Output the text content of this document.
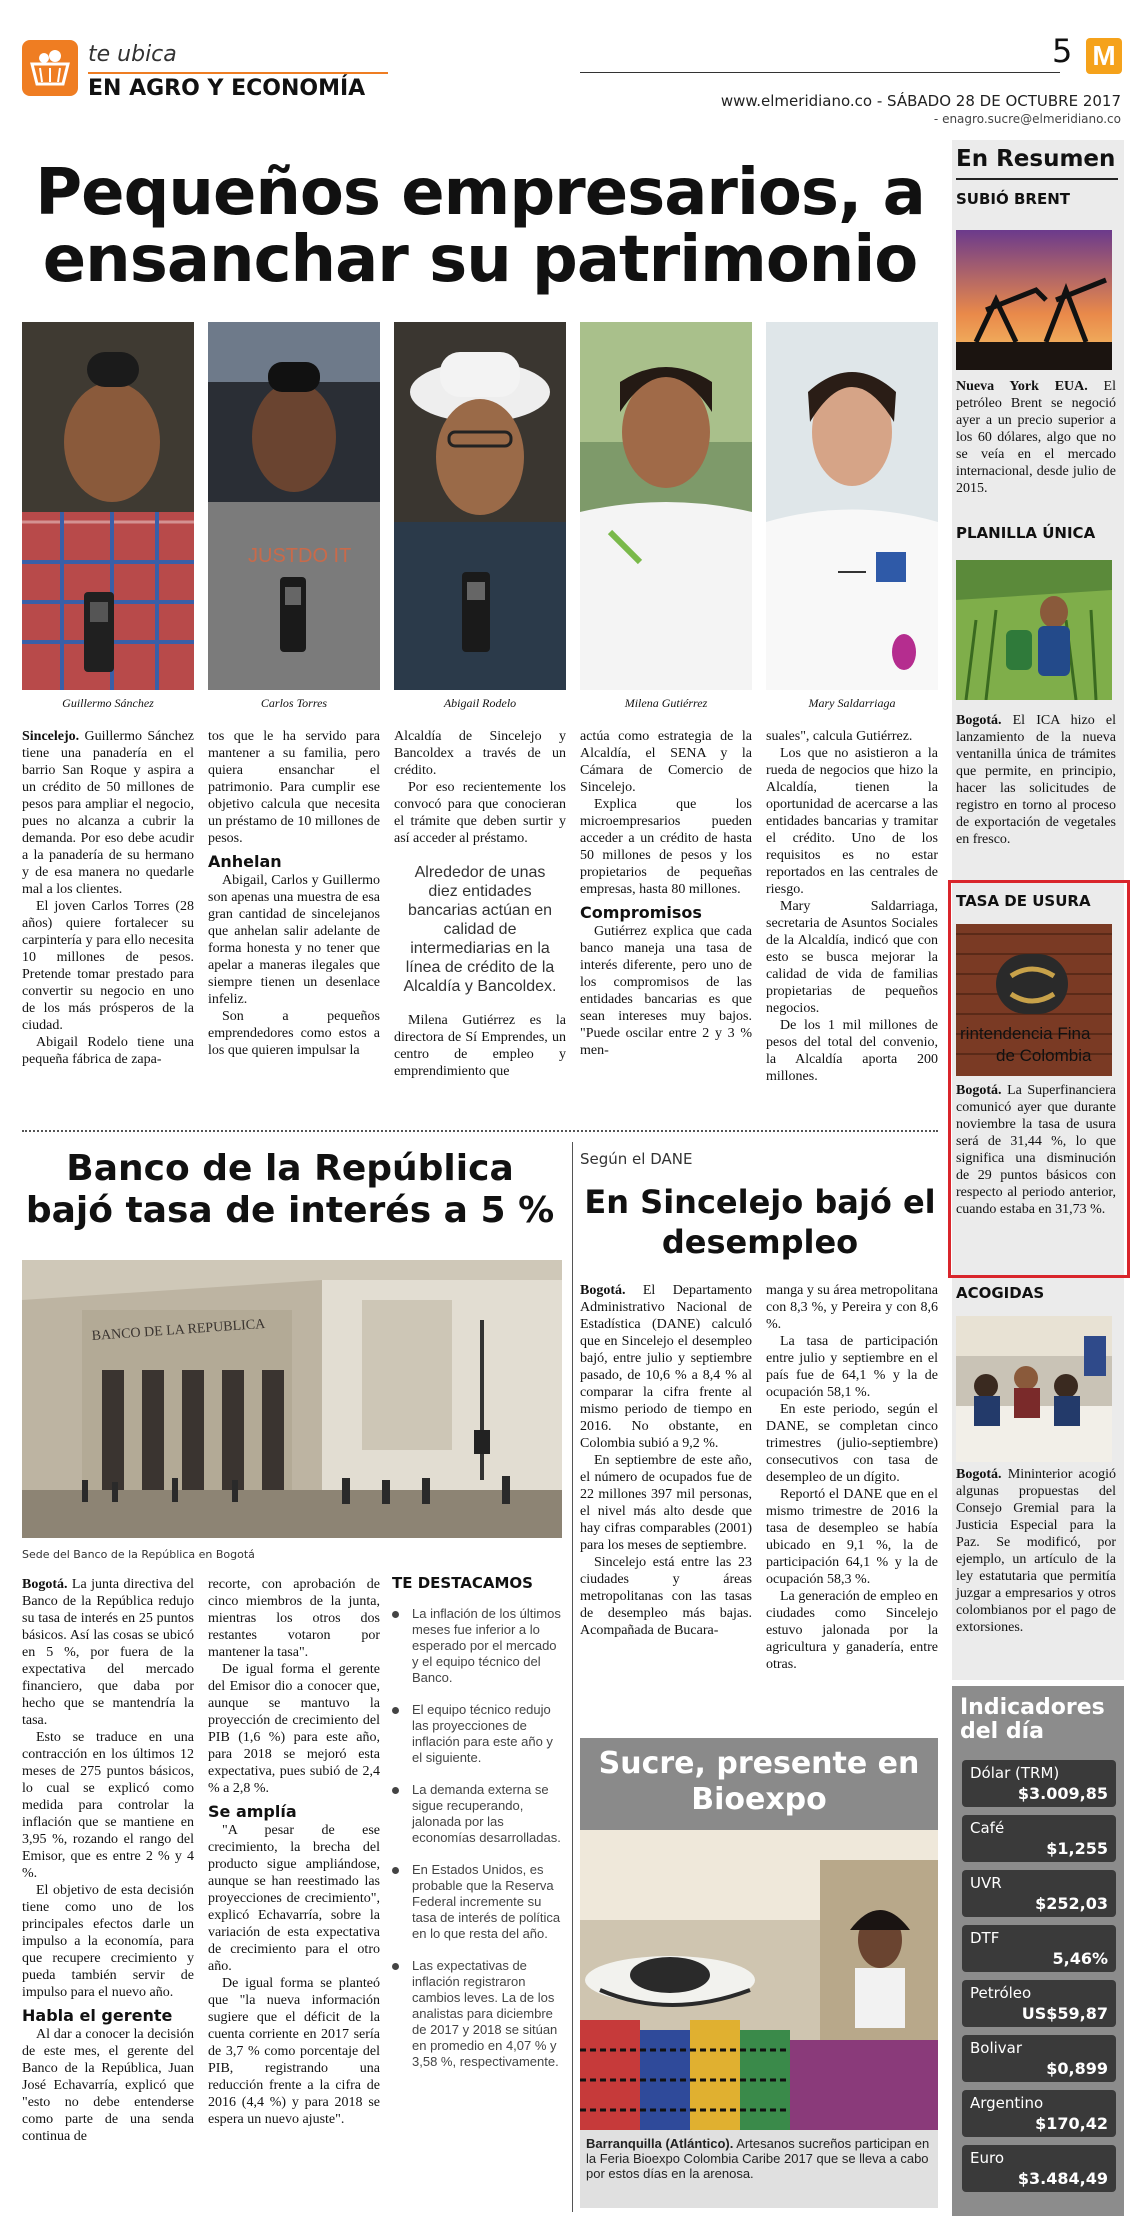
te ubica
EN AGRO Y ECONOMÍA
5 M
www.elmeridiano.co - SÁBADO 28 DE OCTUBRE 2017
- enagro.sucre@elmeridiano.co
Pequeños empresarios, a ensanchar su patrimonio
JUSTDO IT
Guillermo Sánchez	Carlos Torres	Abigail Rodelo	Milena Gutiérrez	Mary Saldarriaga

Sincelejo. Guillermo Sánchez tiene una panadería en el barrio San Roque y aspira a un crédito de 50 millones de pesos para ampliar el negocio, pues no alcanza a cubrir la demanda. Por eso debe acudir a la panadería de su hermano y de esa manera no quedarle mal a los clientes.

El joven Carlos Torres (28 años) quiere fortalecer su carpintería y para ello necesita 10 millones de pesos. Pretende tomar prestado para convertir su negocio en uno de los más prósperos de la ciudad.

Abigail Rodelo tiene una pequeña fábrica de zapa-

tos que le ha servido para mantener a su familia, pero quiera ensanchar el patrimonio. Para cumplir ese objetivo calcula que necesita un préstamo de 10 millones de pesos.

Anhelan

Abigail, Carlos y Guillermo son apenas una muestra de esa gran cantidad de sincelejanos que anhelan salir adelante de forma honesta y no tener que apelar a maneras ilegales que siempre tienen un desenlace infeliz.

Son a pequeños emprendedores como estos a los que quieren impulsar la

Alcaldía de Sincelejo y Bancoldex a través de un crédito.

Por eso recientemente los convocó para que conocieran el trámite que deben surtir y así acceder al préstamo.

Alrededor de unas diez entidades bancarias actúan en calidad de intermediarias en la línea de crédito de la Alcaldía y Bancoldex.

Milena Gutiérrez es la directora de Sí Emprendes, un centro de empleo y emprendimiento que

actúa como estrategia de la Alcaldía, el SENA y la Cámara de Comercio de Sincelejo.

Explica que los microempresarios pueden acceder a un crédito de hasta 50 millones de pesos y los propietarios de pequeñas empresas, hasta 80 millones.

Compromisos

Gutiérrez explica que cada banco maneja una tasa de interés diferente, pero uno de los compromisos de las entidades bancarias es que sean intereses muy bajos. "Puede oscilar entre 2 y 3 % men-

suales", calcula Gutiérrez.

Los que no asistieron a la rueda de negocios que hizo la Alcaldía, tienen la oportunidad de acercarse a las entidades bancarias y tramitar el crédito. Uno de los requisitos es no estar reportados en las centrales de riesgo.

Mary Saldarriaga, secretaria de Asuntos Sociales de la Alcaldía, indicó que con esto se busca mejorar la calidad de vida de familias propietarias de pequeños negocios.

De los 1 mil millones de pesos del total del convenio, la Alcaldía aporta 200 millones.

En Resumen
SUBIÓ BRENT
Nueva York EUA. El petróleo Brent se negoció ayer a un precio superior a los 60 dólares, algo que no se veía en el mercado internacional, desde julio de 2015.
PLANILLA ÚNICA
Bogotá. El ICA hizo el lanzamiento de la nueva ventanilla única de trámites que permite, en principio, hacer las solicitudes de registro en torno al proceso de exportación de vegetales en fresco.
TASA DE USURA
rintendencia Fina
de Colombia
Bogotá. La Superfinanciera comunicó ayer que durante noviembre la tasa de usura será de 31,44 %, lo que significa una disminución de 29 puntos básicos con respecto al periodo anterior, cuando estaba en 31,73 %.
ACOGIDAS
Bogotá. Mininterior acogió algunas propuestas del Consejo Gremial para la Justicia Especial para la Paz. Se modificó, por ejemplo, un artículo de la ley estatutaria que permitía juzgar a empresarios y otros colombianos por el pago de extorsiones.
Indicadores del día
Dólar (TRM)
$3.009,85
Café
$1,255
UVR
$252,03
DTF
5,46%
Petróleo
US$59,87
Bolivar
$0,899
Argentino
$170,42
Euro
$3.484,49
Banco de la República bajó tasa de interés a 5 %
BANCO DE LA REPUBLICA
Sede del Banco de la República en Bogotá

Bogotá. La junta directiva del Banco de la República redujo su tasa de interés en 25 puntos básicos. Así las cosas se ubicó en 5 %, por fuera de la expectativa del mercado financiero, que daba por hecho que se mantendría la tasa.

Esto se traduce en una contracción en los últimos 12 meses de 275 puntos básicos, lo cual se explicó como medida para controlar la inflación que se mantiene en 3,95 %, rozando el rango del Emisor, que es entre 2 % y 4 %.

El objetivo de esta decisión tiene como uno de los principales efectos darle un impulso a la economía, para que recupere crecimiento y pueda también servir de impulso para el nuevo año.

Habla el gerente

Al dar a conocer la decisión de este mes, el gerente del Banco de la República, Juan José Echavarría, explicó que "esto no debe entenderse como parte de una senda continua de

recorte, con aprobación de cinco miembros de la junta, mientras los otros dos restantes votaron por mantener la tasa".

De igual forma el gerente del Emisor dio a conocer que, aunque se mantuvo la proyección de crecimiento del PIB (1,6 %) para este año, para 2018 se mejoró esta expectativa, pues subió de 2,4 % a 2,8 %.

Se amplía

"A pesar de ese crecimiento, la brecha del producto sigue ampliándose, aunque se han reestimado las proyecciones de crecimiento", explicó Echavarría, sobre la variación de esta expectativa de crecimiento para el otro año.

De igual forma se planteó que "la nueva información sugiere que el déficit de la cuenta corriente en 2017 sería de 3,7 % como porcentaje del PIB, registrando una reducción frente a la cifra de 2016 (4,4 %) y para 2018 se espera un nuevo ajuste".

TE DESTACAMOS
La inflación de los últimos meses fue inferior a lo esperado por el mercado y el equipo técnico del Banco.
El equipo técnico redujo las proyecciones de inflación para este año y el siguiente.
La demanda externa se sigue recuperando, jalonada por las economías desarrolladas.
En Estados Unidos, es probable que la Reserva Federal incremente su tasa de interés de política en lo que resta del año.
Las expectativas de inflación registraron cambios leves. La de los analistas para diciembre de 2017 y 2018 se sitúan en promedio en 4,07 % y 3,58 %, respectivamente.
Según el DANE
En Sincelejo bajó el desempleo

Bogotá. El Departamento Administrativo Nacional de Estadística (DANE) calculó que en Sincelejo el desempleo bajó, entre julio y septiembre pasado, de 10,6 % a 8,4 % al comparar la cifra frente al mismo periodo de tiempo en 2016. No obstante, en Colombia subió a 9,2 %.

En septiembre de este año, el número de ocupados fue de 22 millones 397 mil personas, el nivel más alto desde que hay cifras comparables (2001) para los meses de septiembre.

Sincelejo está entre las 23 ciudades y áreas metropolitanas con las tasas de desempleo más bajas. Acompañada de Bucara-

manga y su área metropolitana con 8,3 %, y Pereira y con 8,6 %.

La tasa de participación entre julio y septiembre en el país fue de 64,1 % y la de ocupación 58,1 %.

En este periodo, según el DANE, se completan cinco trimestres (julio-septiembre) consecutivos con tasa de desempleo de un dígito.

Reportó el DANE que en el mismo trimestre de 2016 la tasa de desempleo se había ubicado en 9,1 %, la de participación 64,1 % y la de ocupación 58,3 %.

La generación de empleo en ciudades como Sincelejo estuvo jalonada por la agricultura y ganadería, entre otras.

Sucre, presente en Bioexpo
Barranquilla (Atlántico). Artesanos sucreños participan en la Feria Bioexpo Colombia Caribe 2017 que se lleva a cabo por estos días en la arenosa.
